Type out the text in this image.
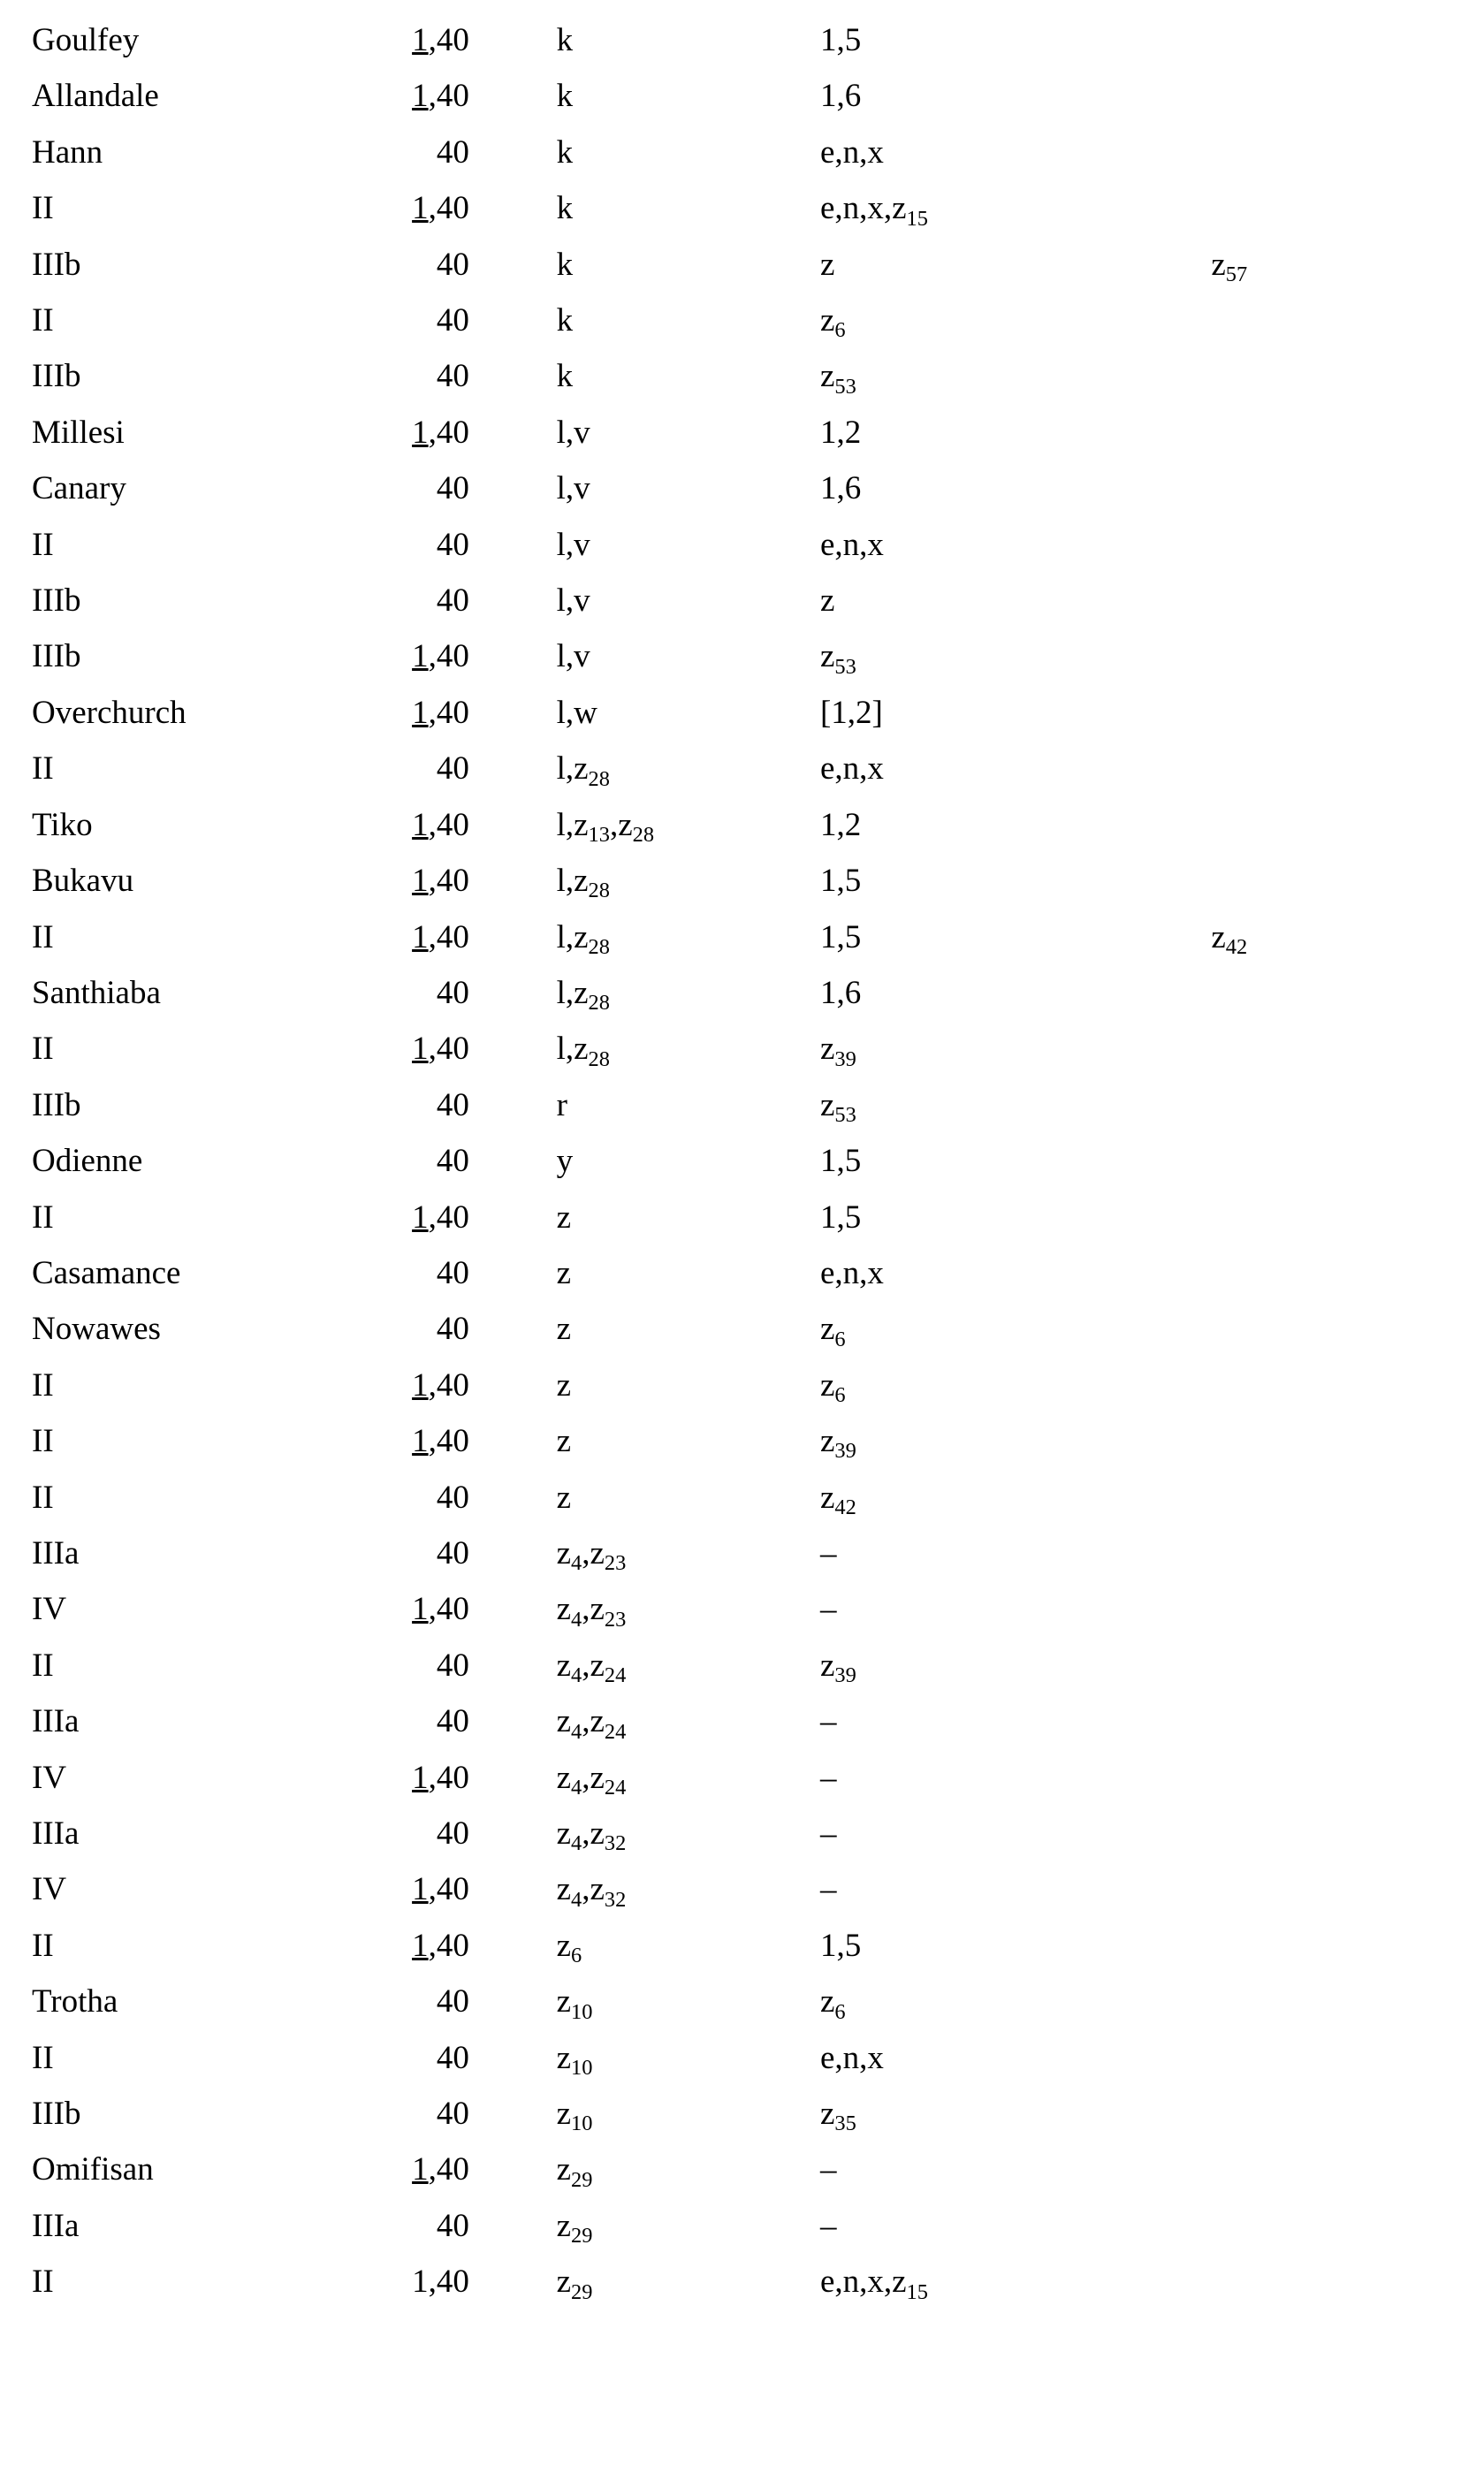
Goulfey	1,40		k	1,5	
Allandale	1,40		k	1,6	
Hann	40		k	e,n,x	
II	1,40		k	$e,n,x,z_{15}$	
IIIb	40		k	z	$z_{57}$
II	40		k	$z_6$	
IIIb	40		k	$z_{53}$	
Millesi	1,40		l,v	1,2	
Canary	40		l,v	1,6	
II	40		l,v	e,n,x	
IIIb	40		l,v	z	
IIIb	1,40		l,v	$z_{53}$	
Overchurch	1,40		l,w	[1,2]	
II	40		$l,z_{28}$	e,n,x	
Tiko	1,40		$l,z_{13},z_{28}$	1,2	
Bukavu	1,40		$l,z_{28}$	1,5	
II	1,40		$l,z_{28}$	1,5	$z_{42}$
Santhiaba	40		$l,z_{28}$	1,6	
II	1,40		$l,z_{28}$	$z_{39}$	
IIIb	40		r	$z_{53}$	
Odienne	40		y	1,5	
II	1,40		z	1,5	
Casamance	40		z	e,n,x	
Nowawes	40		z	$z_6$	
II	1,40		z	$z_6$	
II	1,40		z	$z_{39}$	
II	40		z	$z_{42}$	
IIIa	40		$z_4,z_{23}$	–	
IV	1,40		$z_4,z_{23}$	–	
II	40		$z_4,z_{24}$	$z_{39}$	
IIIa	40		$z_4,z_{24}$	–	
IV	1,40		$z_4,z_{24}$	–	
IIIa	40		$z_4,z_{32}$	–	
IV	1,40		$z_4,z_{32}$	–	
II	1,40		$z_6$	1,5	
Trotha	40		$z_{10}$	$z_6$	
II	40		$z_{10}$	e,n,x	
IIIb	40		$z_{10}$	$z_{35}$	
Omifisan	1,40		$z_{29}$	–	
IIIa	40		$z_{29}$	–	
II	1,40		$z_{29}$	$e,n,x,z_{15}$	
